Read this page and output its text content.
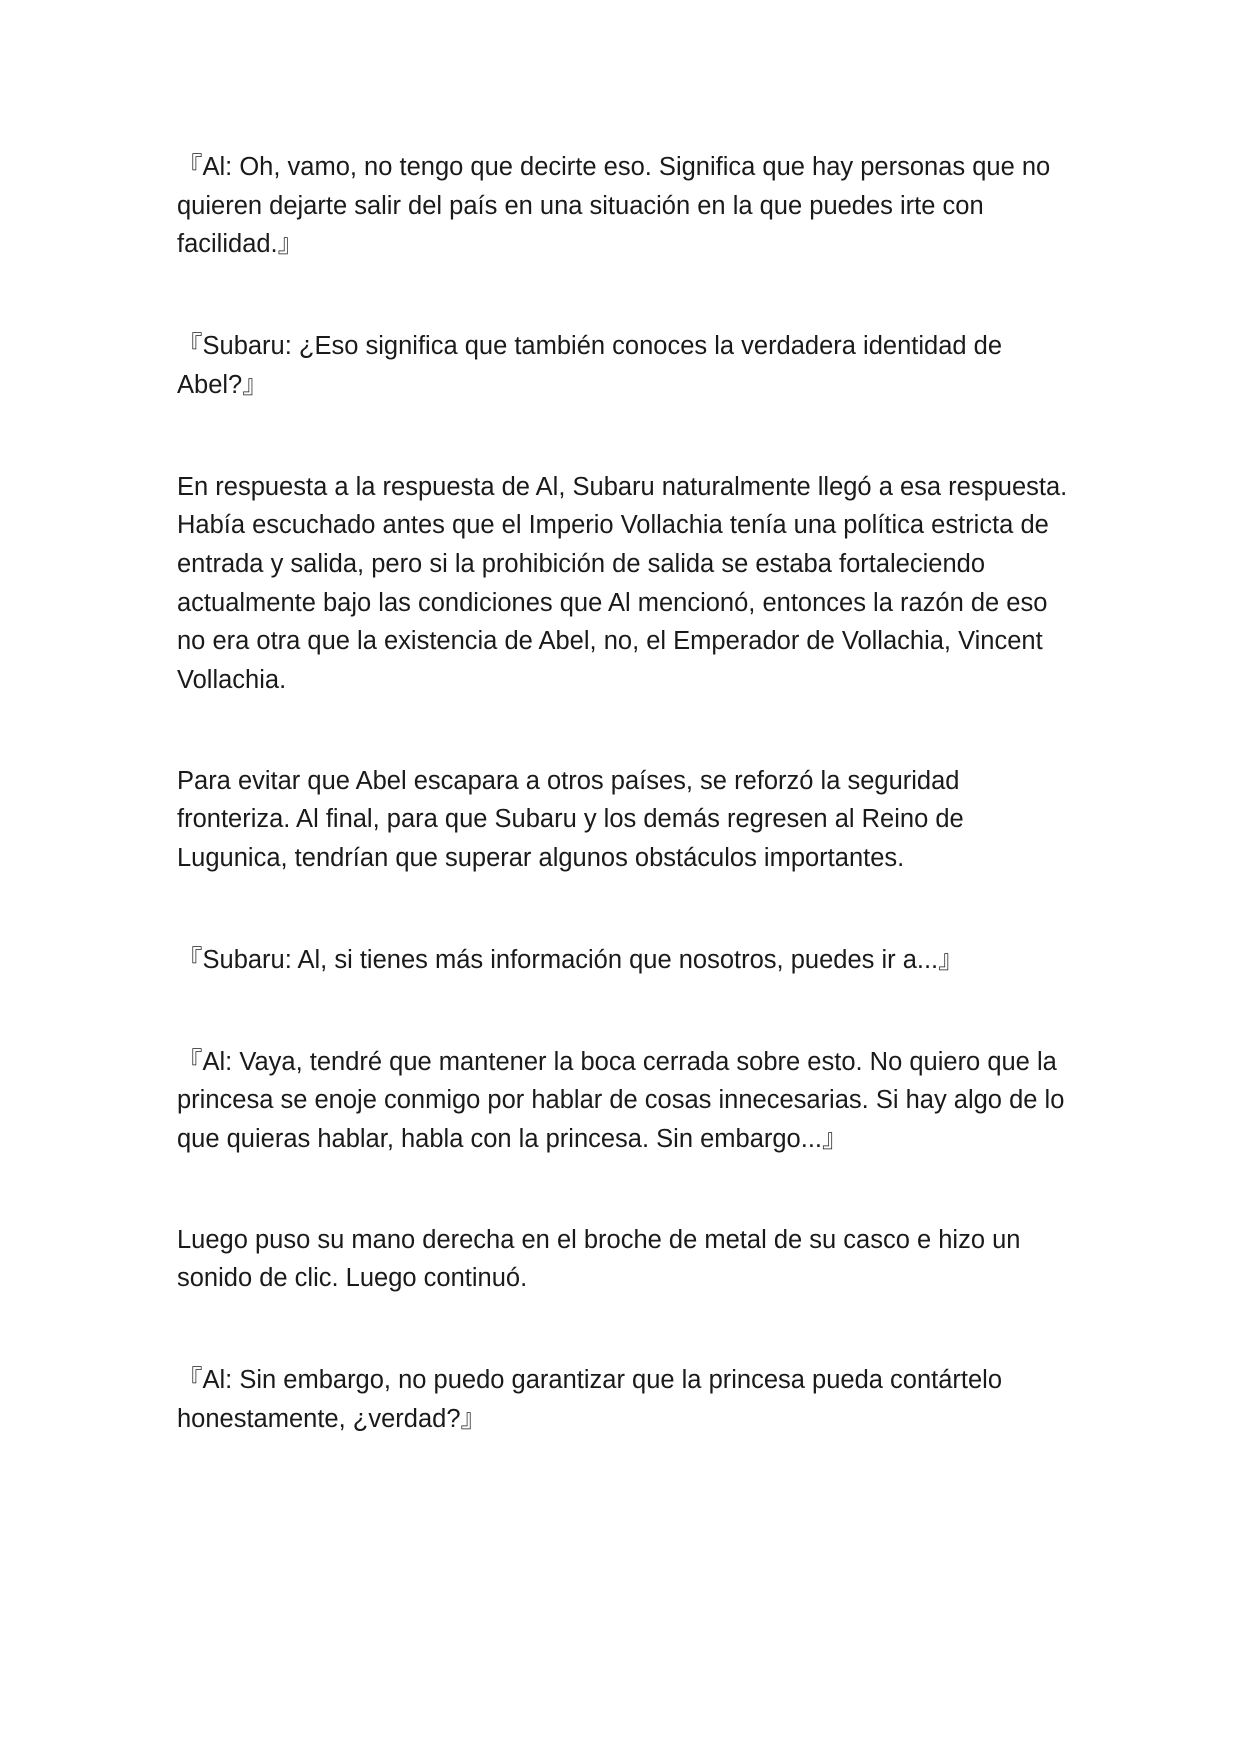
『Al: Oh, vamo, no tengo que decirte eso. Significa que hay personas que no quieren dejarte salir del país en una situación en la que puedes irte con facilidad.』

『Subaru: ¿Eso significa que también conoces la verdadera identidad de Abel?』

En respuesta a la respuesta de Al, Subaru naturalmente llegó a esa respuesta. Había escuchado antes que el Imperio Vollachia tenía una política estricta de entrada y salida, pero si la prohibición de salida se estaba fortaleciendo actualmente bajo las condiciones que Al mencionó, entonces la razón de eso no era otra que la existencia de Abel, no, el Emperador de Vollachia, Vincent Vollachia.

Para evitar que Abel escapara a otros países, se reforzó la seguridad fronteriza. Al final, para que Subaru y los demás regresen al Reino de Lugunica, tendrían que superar algunos obstáculos importantes.

『Subaru: Al, si tienes más información que nosotros, puedes ir a...』

『Al: Vaya, tendré que mantener la boca cerrada sobre esto. No quiero que la princesa se enoje conmigo por hablar de cosas innecesarias. Si hay algo de lo que quieras hablar, habla con la princesa. Sin embargo...』

Luego puso su mano derecha en el broche de metal de su casco e hizo un sonido de clic. Luego continuó.

『Al: Sin embargo, no puedo garantizar que la princesa pueda contártelo honestamente, ¿verdad?』
